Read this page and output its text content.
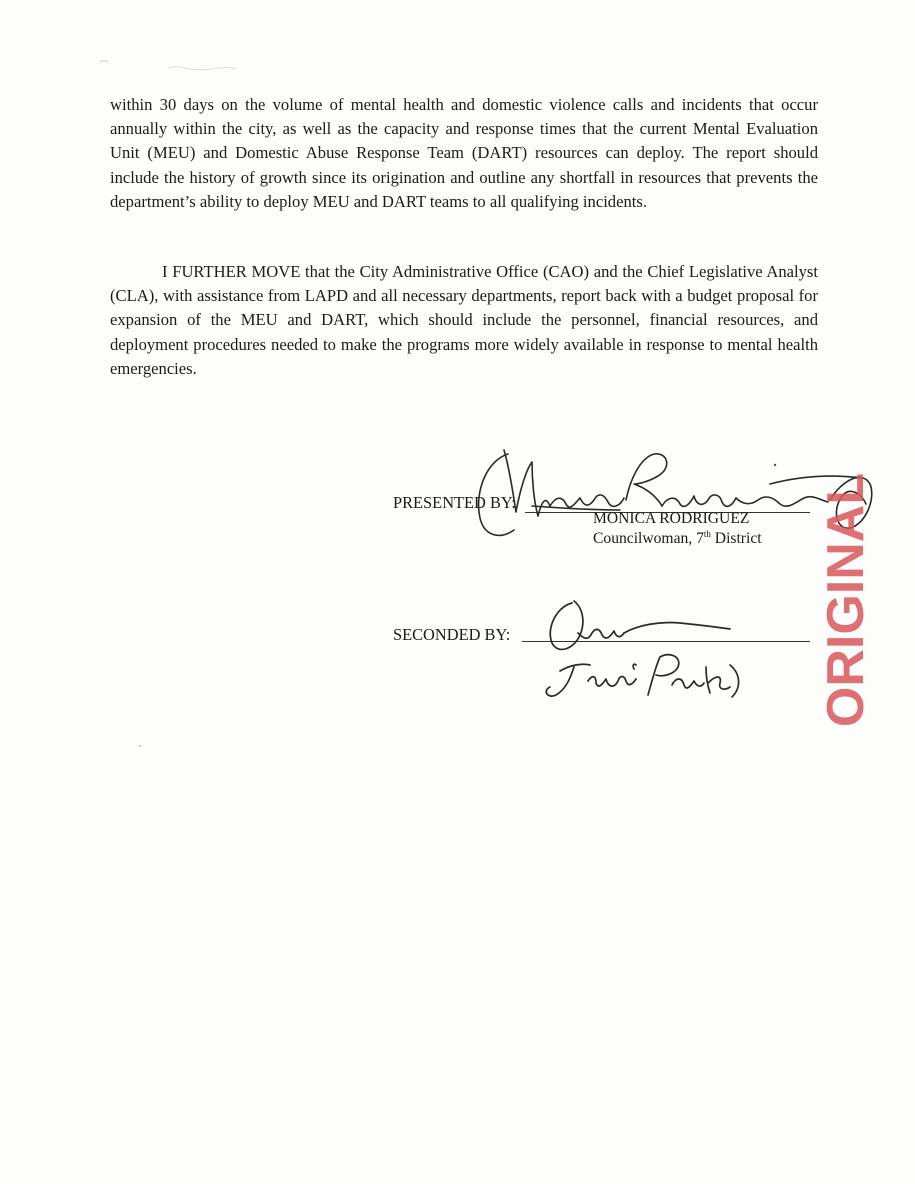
within 30 days on the volume of mental health and domestic violence calls and incidents that occur annually within the city, as well as the capacity and response times that the current Mental Evaluation Unit (MEU) and Domestic Abuse Response Team (DART) resources can deploy. The report should include the history of growth since its origination and outline any shortfall in resources that prevents the department’s ability to deploy MEU and DART teams to all qualifying incidents.

I FURTHER MOVE that the City Administrative Office (CAO) and the Chief Legislative Analyst (CLA), with assistance from LAPD and all necessary departments, report back with a budget proposal for expansion of the MEU and DART, which should include the personnel, financial resources, and deployment procedures needed to make the programs more widely available in response to mental health emergencies.

PRESENTED BY:
MONICA RODRIGUEZ
Councilwoman, 7th District
Monica Rodriguez
SECONDED BY:
Traci Park	ORIGINAL
